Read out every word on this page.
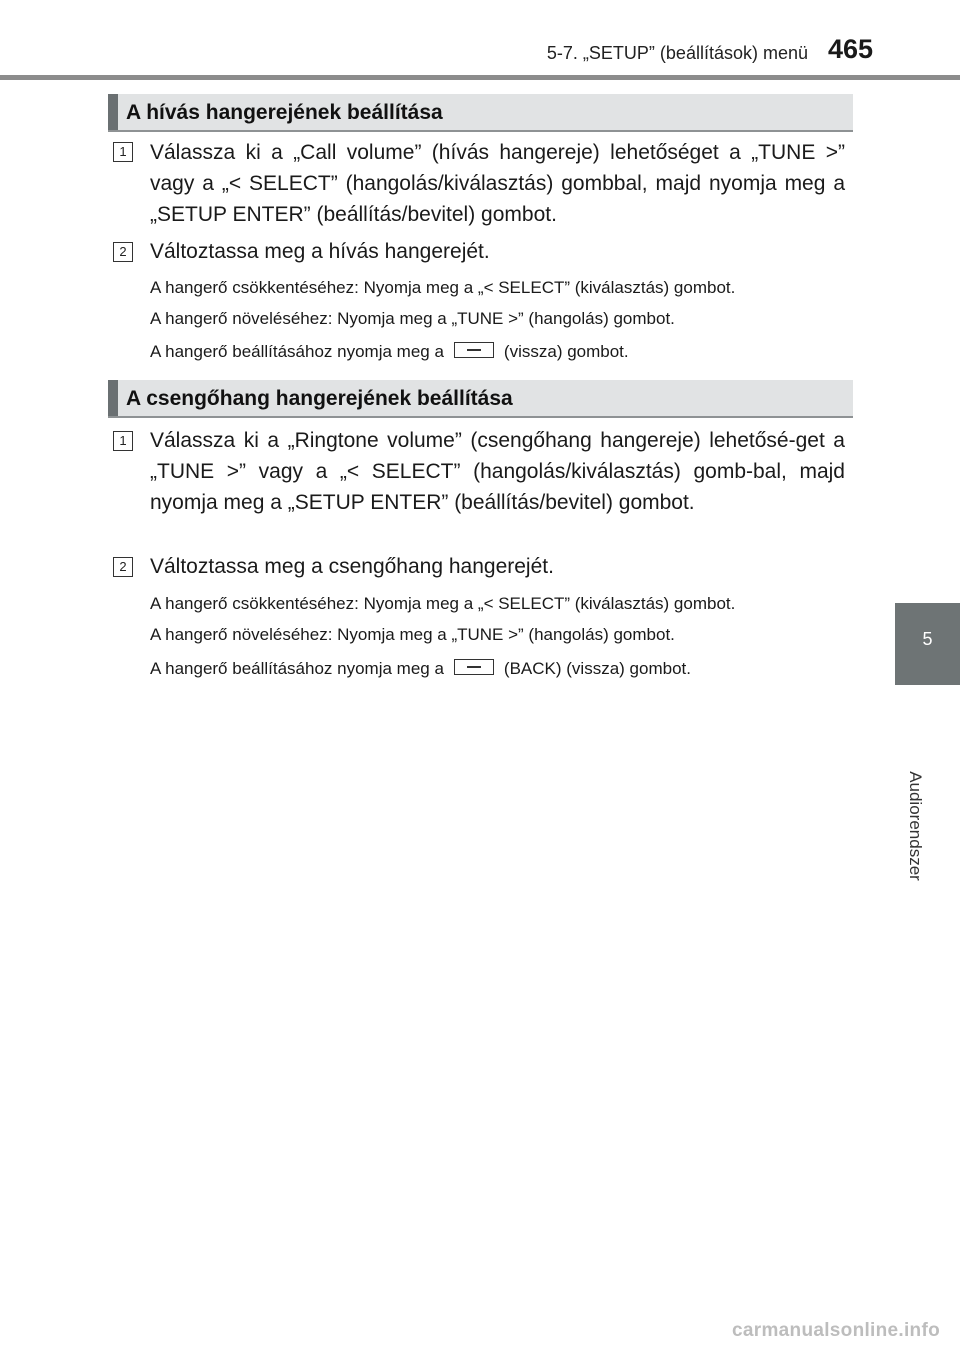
5-7. „SETUP” (beállítások) menü 465
5
Audiorendszer
A hívás hangerejének beállítása
1	Válassza ki a „Call volume” (hívás hangereje) lehetőséget a „TUNE >” vagy a „< SELECT” (hangolás/kiválasztás) gombbal, majd nyomja meg a „SETUP ENTER” (beállítás/bevitel) gombot.
2	Változtassa meg a hívás hangerejét.
A hangerő csökkentéséhez: Nyomja meg a „< SELECT” (kiválasztás) gombot.
A hangerő növeléséhez: Nyomja meg a „TUNE >” (hangolás) gombot.
A hangerő beállításához nyomja meg a	(vissza) gombot.
A csengőhang hangerejének beállítása
1	Válassza ki a „Ringtone volume” (csengőhang hangereje) lehetősé-get a „TUNE >” vagy a „< SELECT” (hangolás/kiválasztás) gomb-bal, majd nyomja meg a „SETUP ENTER” (beállítás/bevitel) gombot.
2	Változtassa meg a csengőhang hangerejét.
A hangerő csökkentéséhez: Nyomja meg a „< SELECT” (kiválasztás) gombot.
A hangerő növeléséhez: Nyomja meg a „TUNE >” (hangolás) gombot.
A hangerő beállításához nyomja meg a	(BACK) (vissza) gombot.
carmanualsonline.info
